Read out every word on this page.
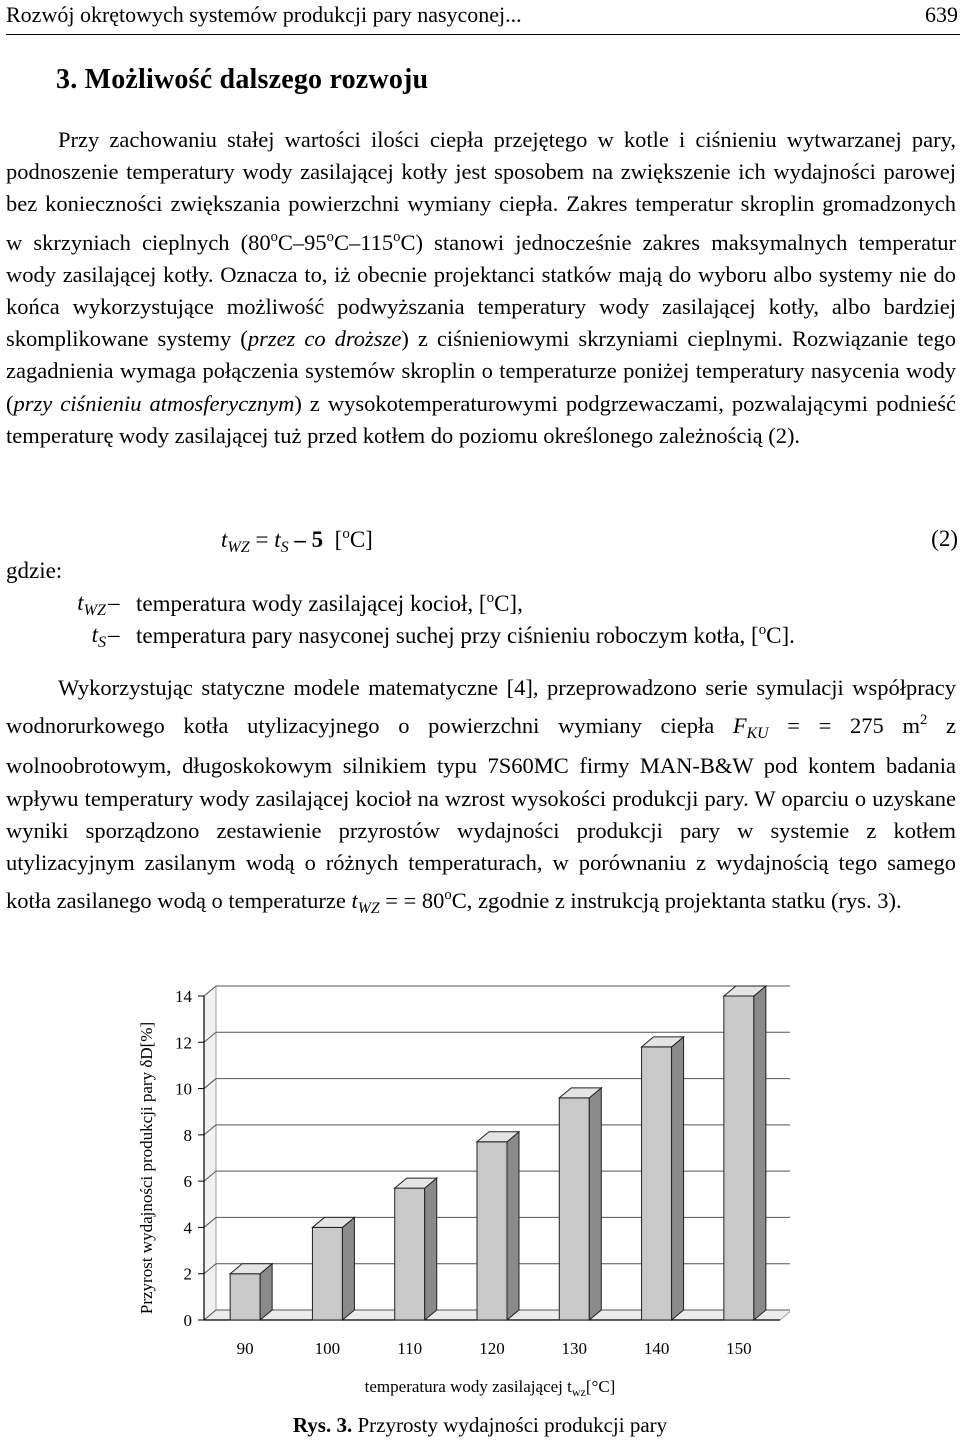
Rozwój okrętowych systemów produkcji pary nasyconej...	639
3. Możliwość dalszego rozwoju

Przy zachowaniu stałej wartości ilości ciepła przejętego w kotle i ciśnieniu wytwarzanej pary, podnoszenie temperatury wody zasilającej kotły jest sposobem na zwiększenie ich wydajności parowej bez konieczności zwiększania powierzchni wymiany ciepła. Zakres temperatur skroplin gromadzonych w skrzyniach cieplnych (80$^o$C–95$^o$C–115$^o$C) stanowi jednocześnie zakres maksymalnych temperatur wody zasilającej kotły. Oznacza to, iż obecnie projektanci statków mają do wyboru albo systemy nie do końca wykorzystujące możliwość podwyższania temperatury wody zasilającej kotły, albo bardziej skomplikowane systemy (przez co droższe) z ciśnieniowymi skrzyniami cieplnymi. Rozwiązanie tego zagadnienia wymaga połączenia systemów skroplin o temperaturze poniżej temperatury nasycenia wody (przy ciśnieniu atmosferycznym) z wysokotemperaturowymi podgrzewaczami, pozwalającymi podnieść temperaturę wody zasilającej tuż przed kotłem do poziomu określonego zależnością (2).

$t_{WZ} = t_S - 5$ [$^o$C]	(2)
gdzie:
$t_{WZ}$ – temperatura wody zasilającej kocioł, [$^o$C],
$t_S$ – temperatura pary nasyconej suchej przy ciśnieniu roboczym kotła, [$^o$C].

Wykorzystując statyczne modele matematyczne [4], przeprowadzono serie symulacji współpracy wodnorurkowego kotła utylizacyjnego o powierzchni wymiany ciepła $F_{KU}$ = = 275 $m^2$ z wolnoobrotowym, długoskokowym silnikiem typu 7S60MC firmy MAN-B&W pod kontem badania wpływu temperatury wody zasilającej kocioł na wzrost wysokości produkcji pary. W oparciu o uzyskane wyniki sporządzono zestawienie przyrostów wydajności produkcji pary w systemie z kotłem utylizacyjnym zasilanym wodą o różnych temperaturach, w porównaniu z wydajnością tego samego kotła zasilanego wodą o temperaturze $t_{WZ}$ = = $80^oC$, zgodnie z instrukcją projektanta statku (rys. 3).

Przyrost wydajności produkcji pary δD[%]
temperatura wody zasilającej $t_{wz}[^\circ C]$
0
2
4
6
8
10
12
14
90	100	110	120	130	140	150
Rys. 3. Przyrosty wydajności produkcji pary
